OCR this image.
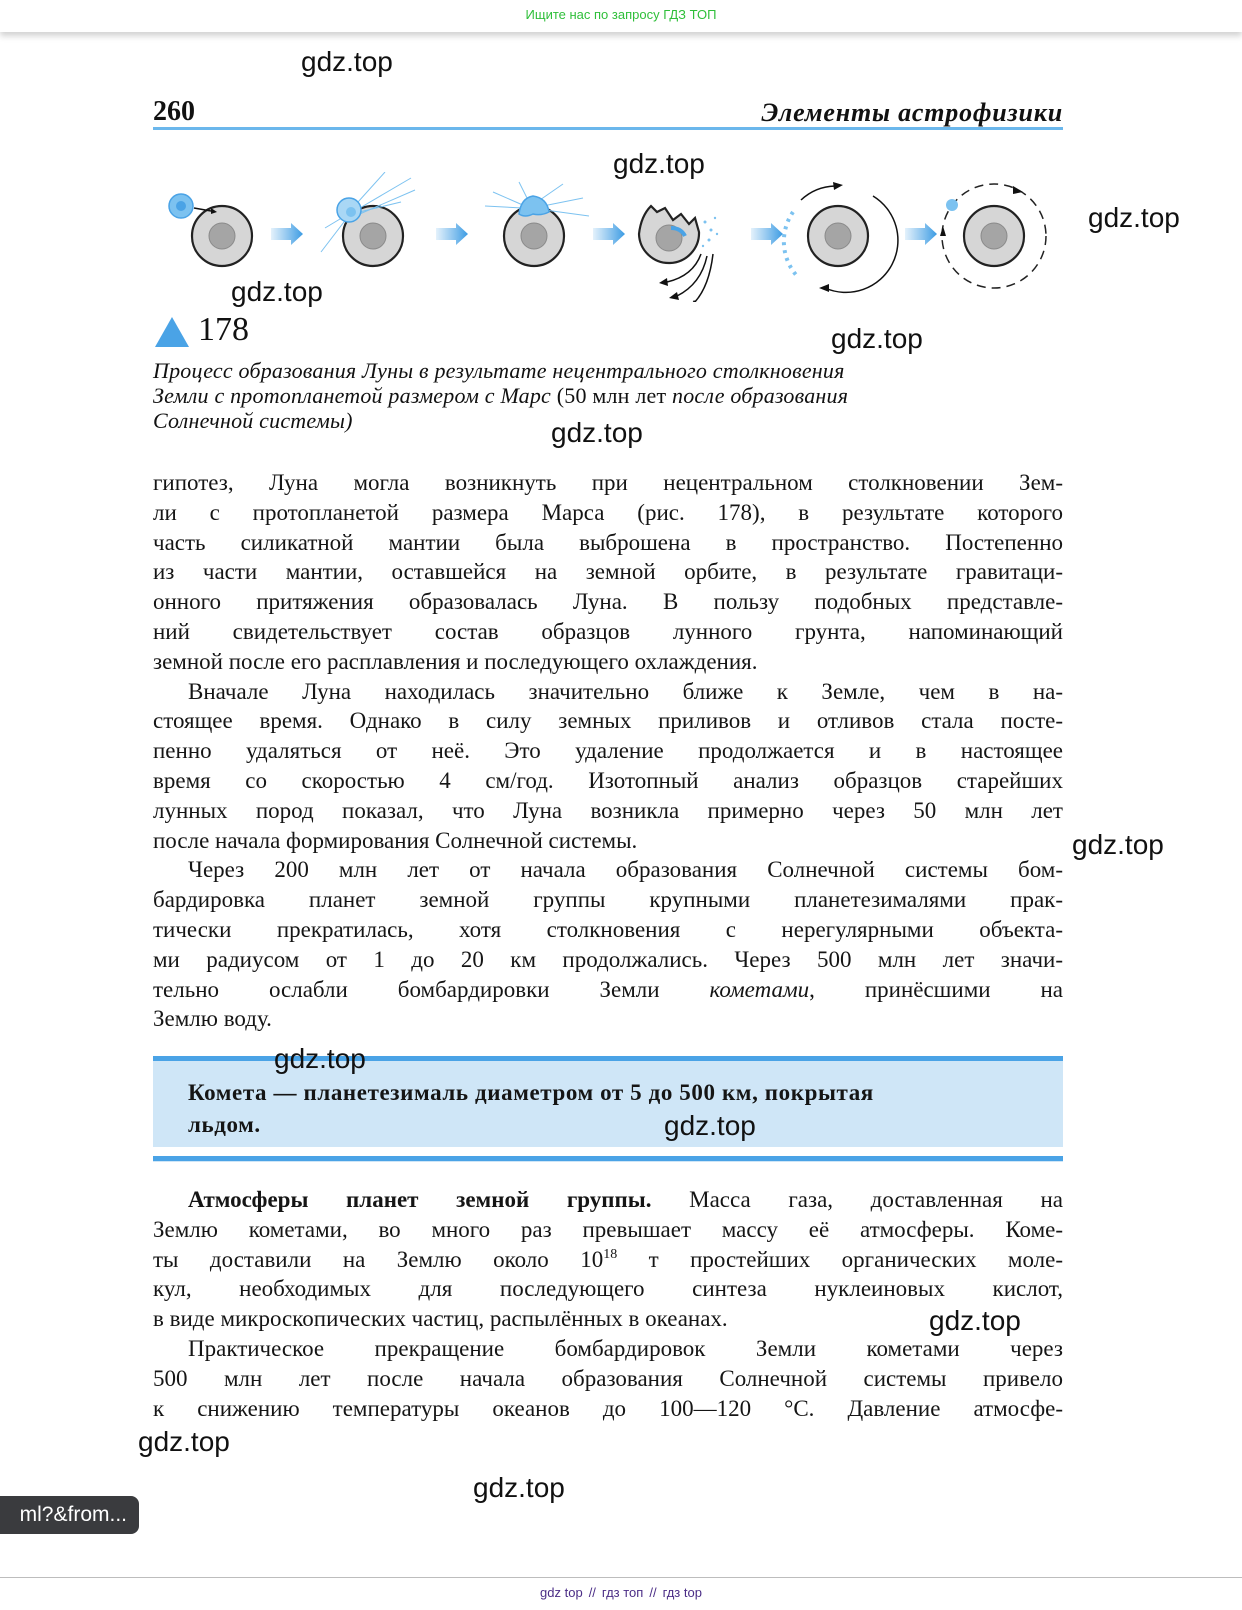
Ищите нас по запросу ГДЗ ТОП
260	Элементы астрофизики
178
Процесс образования Луны в результате нецентрального столкновения
Земли с протопланетой размером с Марс (50 млн лет после образования
Солнечной системы)
гипотез, Луна могла возникнуть при нецентральном столкновении Зем-
ли с протопланетой размера Марса (рис. 178), в результате которого
часть силикатной мантии была выброшена в пространство. Постепенно
из части мантии, оставшейся на земной орбите, в результате гравитаци-
онного притяжения образовалась Луна. В пользу подобных представле-
ний свидетельствует состав образцов лунного грунта, напоминающий
земной после его расплавления и последующего охлаждения.
Вначале Луна находилась значительно ближе к Земле, чем в на-
стоящее время. Однако в силу земных приливов и отливов стала посте-
пенно удаляться от неё. Это удаление продолжается и в настоящее
время со скоростью 4 см/год. Изотопный анализ образцов старейших
лунных пород показал, что Луна возникла примерно через 50 млн лет
после начала формирования Солнечной системы.
Через 200 млн лет от начала образования Солнечной системы бом-
бардировка планет земной группы крупными планетезималями прак-
тически прекратилась, хотя столкновения с нерегулярными объекта-
ми радиусом от 1 до 20 км продолжались. Через 500 млн лет значи-
тельно ослабли бомбардировки Земли кометами, принёсшими на
Землю воду.
Комета — планетезималь диаметром от 5 до 500 км, покрытая
льдом.
Атмосферы планет земной группы. Масса газа, доставленная на
Землю кометами, во много раз превышает массу её атмосферы. Коме-
ты доставили на Землю около $10^{18}$ т простейших органических моле-
кул, необходимых для последующего синтеза нуклеиновых кислот,
в виде микроскопических частиц, распылённых в океанах.
Практическое прекращение бомбардировок Земли кометами через
500 млн лет после начала образования Солнечной системы привело
к снижению температуры океанов до 100—120 °С. Давление атмосфе-
gdz.top
gdz.top
gdz.top
gdz.top
gdz.top
gdz.top
gdz.top
gdz.top
gdz.top
gdz.top
gdz.top
gdz.top
ml?&from...
gdz top // гдз топ // гдз top
